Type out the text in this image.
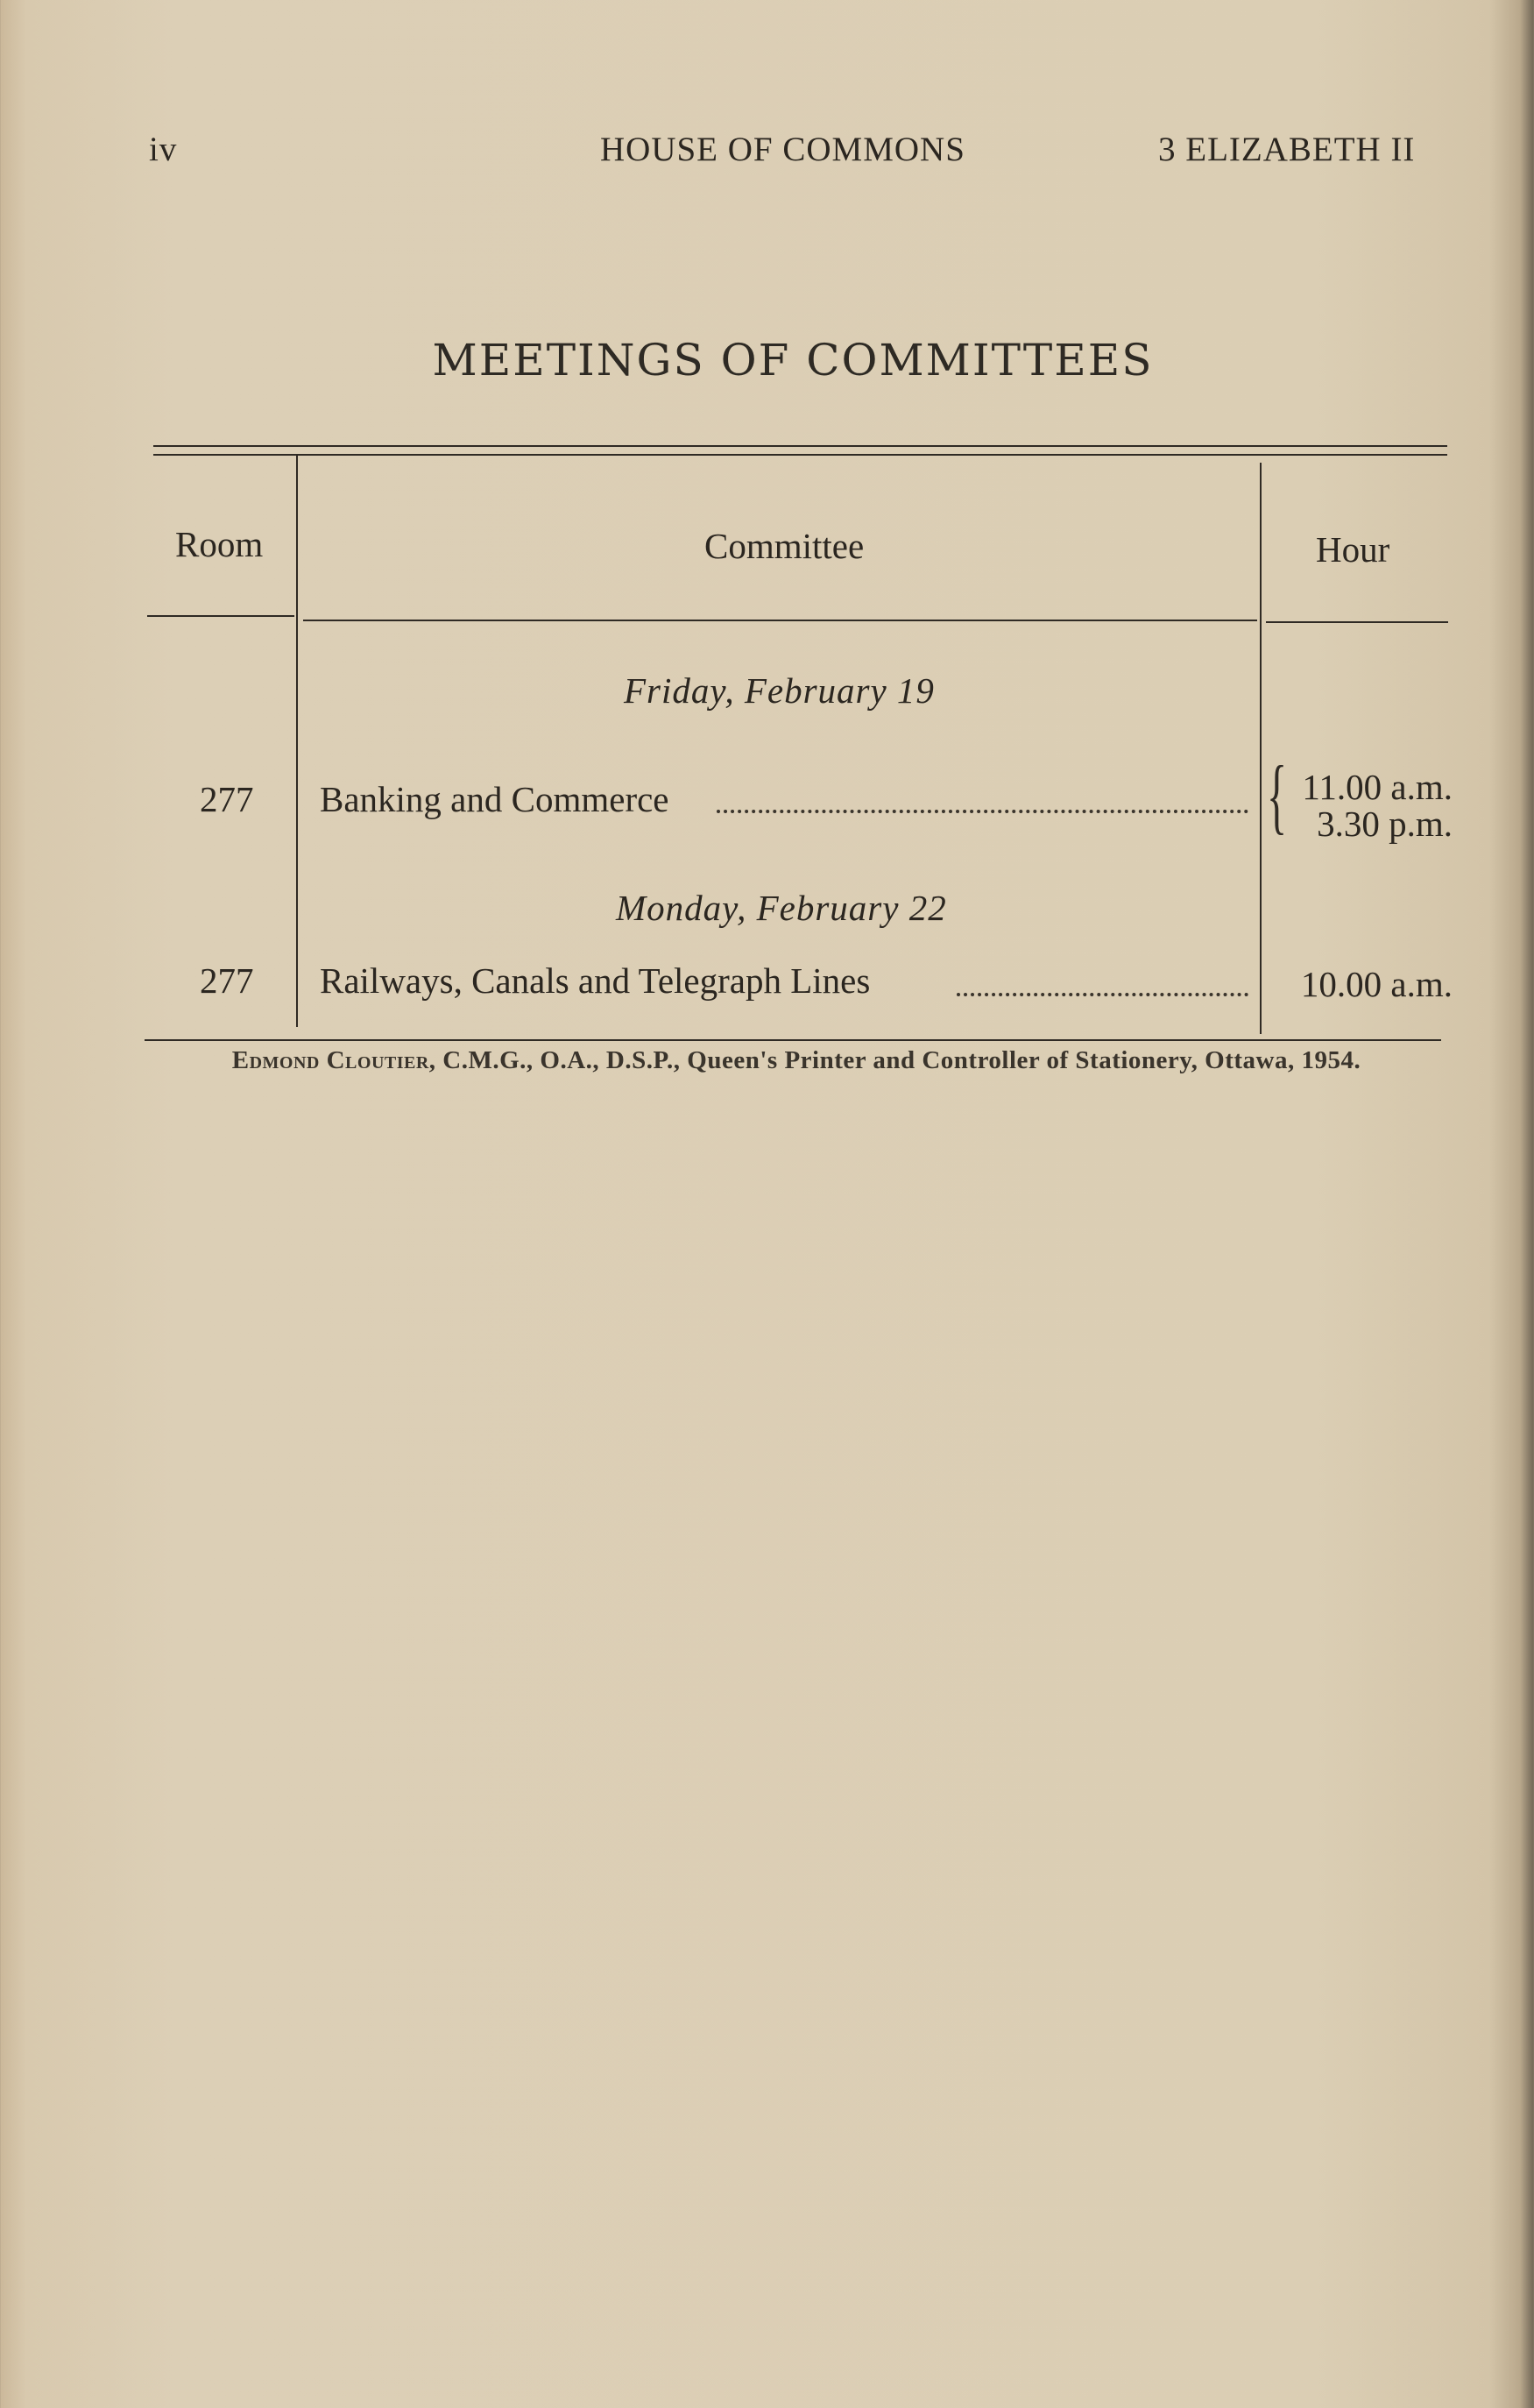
iv	HOUSE OF COMMONS	3 ELIZABETH II
MEETINGS OF COMMITTEES
Room	Committee	Hour
Friday, February 19
277 Banking and Commerce	{ 11.00 a.m.
3.30 p.m.
Monday, February 22
277 Railways, Canals and Telegraph Lines	10.00 a.m.
Edmond Cloutier, C.M.G., O.A., D.S.P., Queen's Printer and Controller of Stationery, Ottawa, 1954.
